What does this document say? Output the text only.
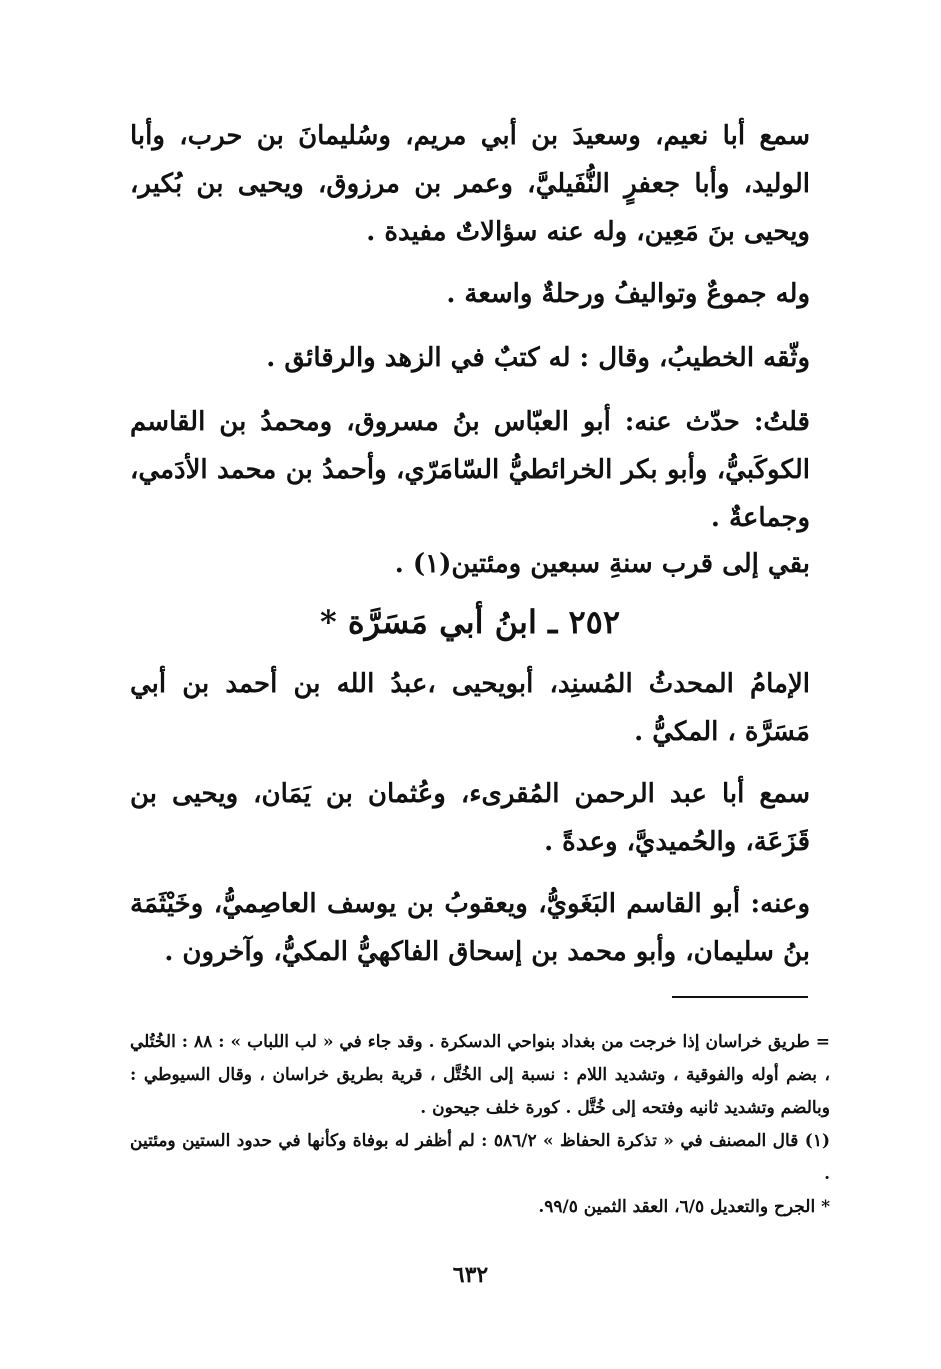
سمع أبا نعيم، وسعيدَ بن أبي مريم، وسُليمانَ بن حرب، وأبا الوليد، وأبا جعفرٍ النُّفَيليَّ، وعمر بن مرزوق، ويحيى بن بُكير، ويحيى بنَ مَعِين، وله عنه سؤالاتٌ مفيدة .

وله جموعٌ وتواليفُ ورحلةٌ واسعة .

وثّقه الخطيبُ، وقال : له كتبٌ في الزهد والرقائق .

قلتُ: حدّث عنه: أبو العبّاس بنُ مسروق، ومحمدُ بن القاسم الكوكَبيُّ، وأبو بكر الخرائطيُّ السّامَرّي، وأحمدُ بن محمد الأدَمي، وجماعةٌ .

بقي إلى قرب سنةِ سبعين ومئتين(١) .

٢٥٢ ـ ابنُ أبي مَسَرَّة *

الإمامُ المحدثُ المُسنِد، أبويحيى ،عبدُ الله بن أحمد بن أبي مَسَرَّة ، المكيُّ .

سمع أبا عبد الرحمن المُقرىء، وعُثمان بن يَمَان، ويحيى بن قَزَعَة، والحُميديَّ، وعدةً .

وعنه: أبو القاسم البَغَويُّ، ويعقوبُ بن يوسف العاصِميُّ، وخَيْثَمَة بنُ سليمان، وأبو محمد بن إسحاق الفاكهيُّ المكيُّ، وآخرون .

= طريق خراسان إذا خرجت من بغداد بنواحي الدسكرة . وقد جاء في « لب اللباب » : ٨٨ : الخُتُلي ، بضم أوله والفوقية ، وتشديد اللام : نسبة إلى الخُتَّل ، قرية بطريق خراسان ، وقال السيوطي : وبالضم وتشديد ثانيه وفتحه إلى خُتَّل . كورة خلف جيحون .

(١) قال المصنف في « تذكرة الحفاظ » ٥٨٦/٢ : لم أظفر له بوفاة وكأنها في حدود الستين ومئتين .

* الجرح والتعديل ٦/٥، العقد الثمين ٩٩/٥.

٦٣٢
